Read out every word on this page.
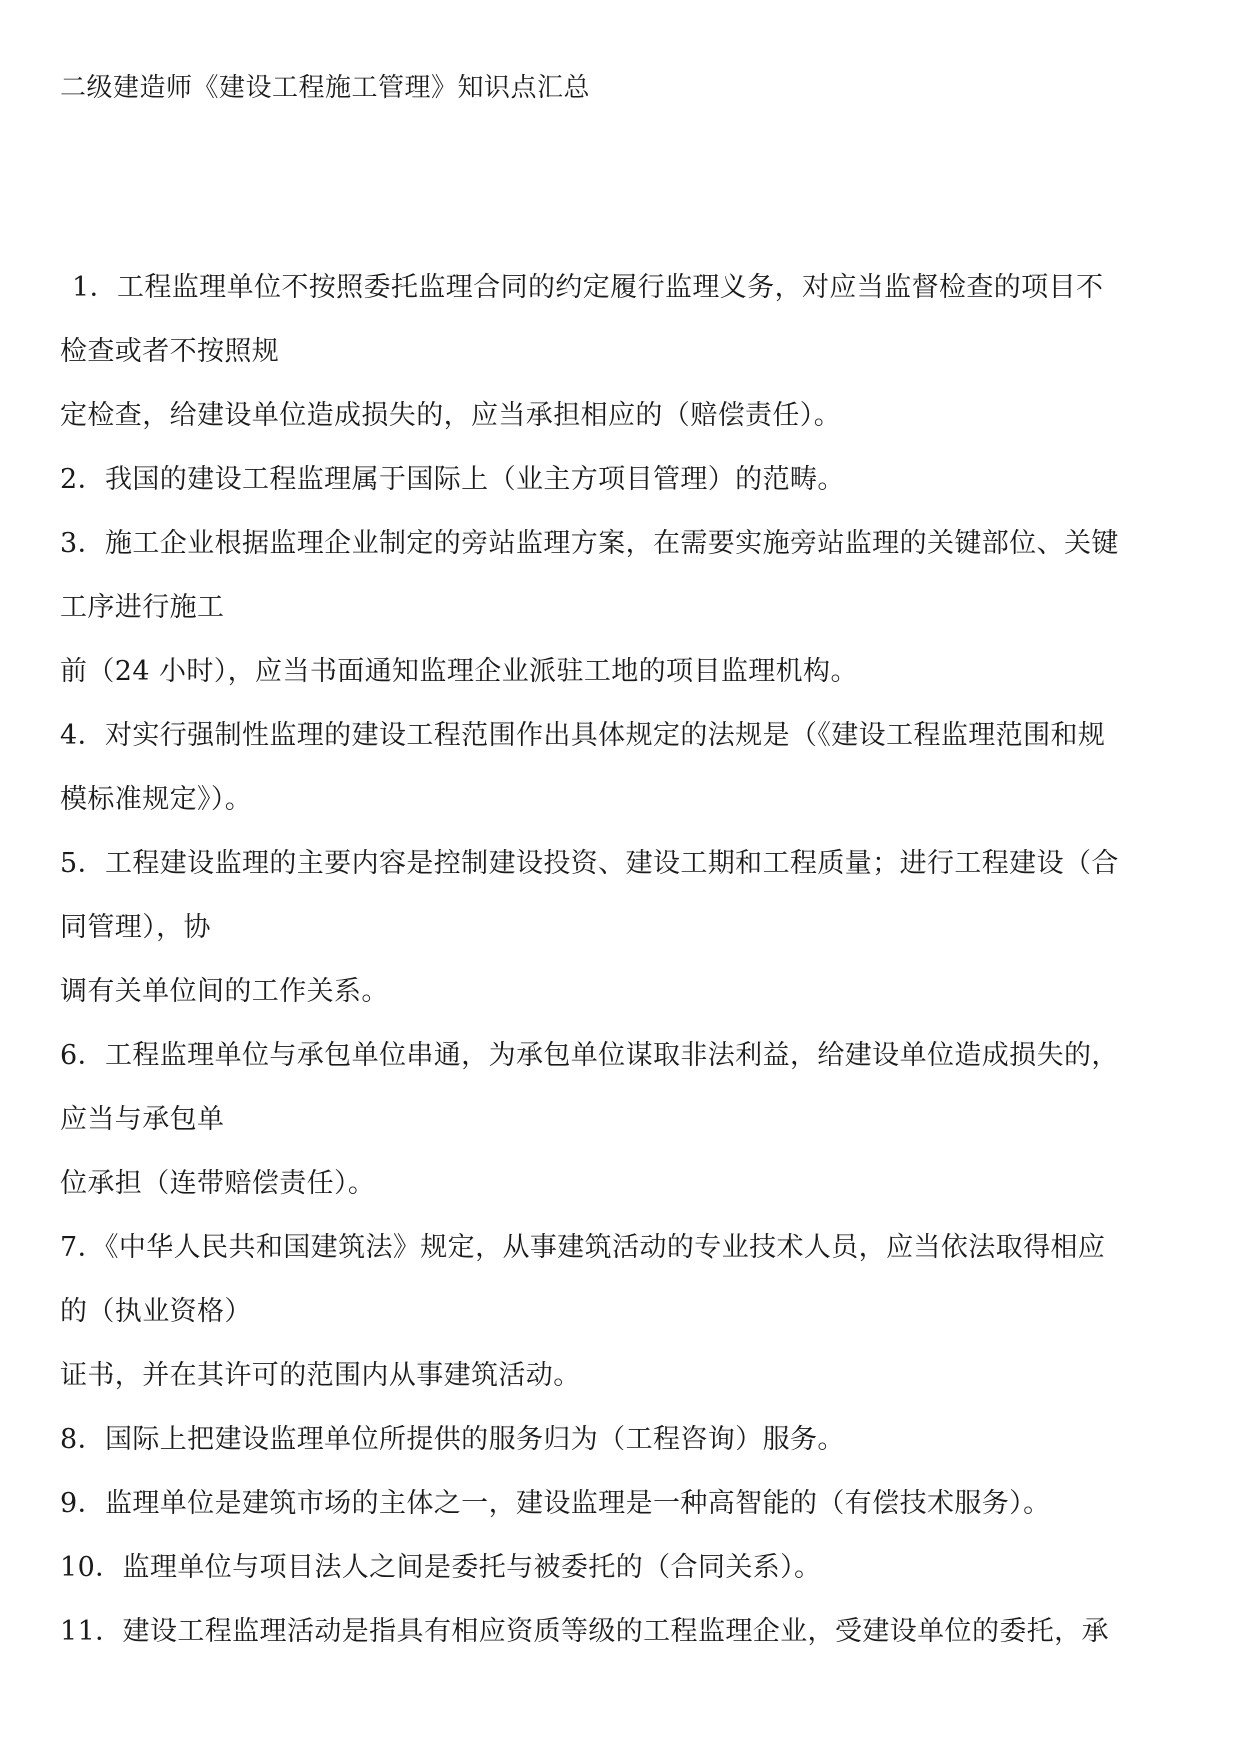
二级建造师《建设工程施工管理》知识点汇总
1．工程监理单位不按照委托监理合同的约定履行监理义务，对应当监督检查的项目不
检查或者不按照规
定检查，给建设单位造成损失的，应当承担相应的（赔偿责任）。
2．我国的建设工程监理属于国际上（业主方项目管理）的范畴。
3．施工企业根据监理企业制定的旁站监理方案，在需要实施旁站监理的关键部位、关键
工序进行施工
前（24 小时），应当书面通知监理企业派驻工地的项目监理机构。
4．对实行强制性监理的建设工程范围作出具体规定的法规是（《建设工程监理范围和规
模标准规定》）。
5．工程建设监理的主要内容是控制建设投资、建设工期和工程质量；进行工程建设（合
同管理），协
调有关单位间的工作关系。
6．工程监理单位与承包单位串通，为承包单位谋取非法利益，给建设单位造成损失的，
应当与承包单
位承担（连带赔偿责任）。
7．《中华人民共和国建筑法》规定，从事建筑活动的专业技术人员，应当依法取得相应
的（执业资格）
证书，并在其许可的范围内从事建筑活动。
8．国际上把建设监理单位所提供的服务归为（工程咨询）服务。
9．监理单位是建筑市场的主体之一，建设监理是一种高智能的（有偿技术服务）。
10．监理单位与项目法人之间是委托与被委托的（合同关系）。
11．建设工程监理活动是指具有相应资质等级的工程监理企业，受建设单位的委托，承
